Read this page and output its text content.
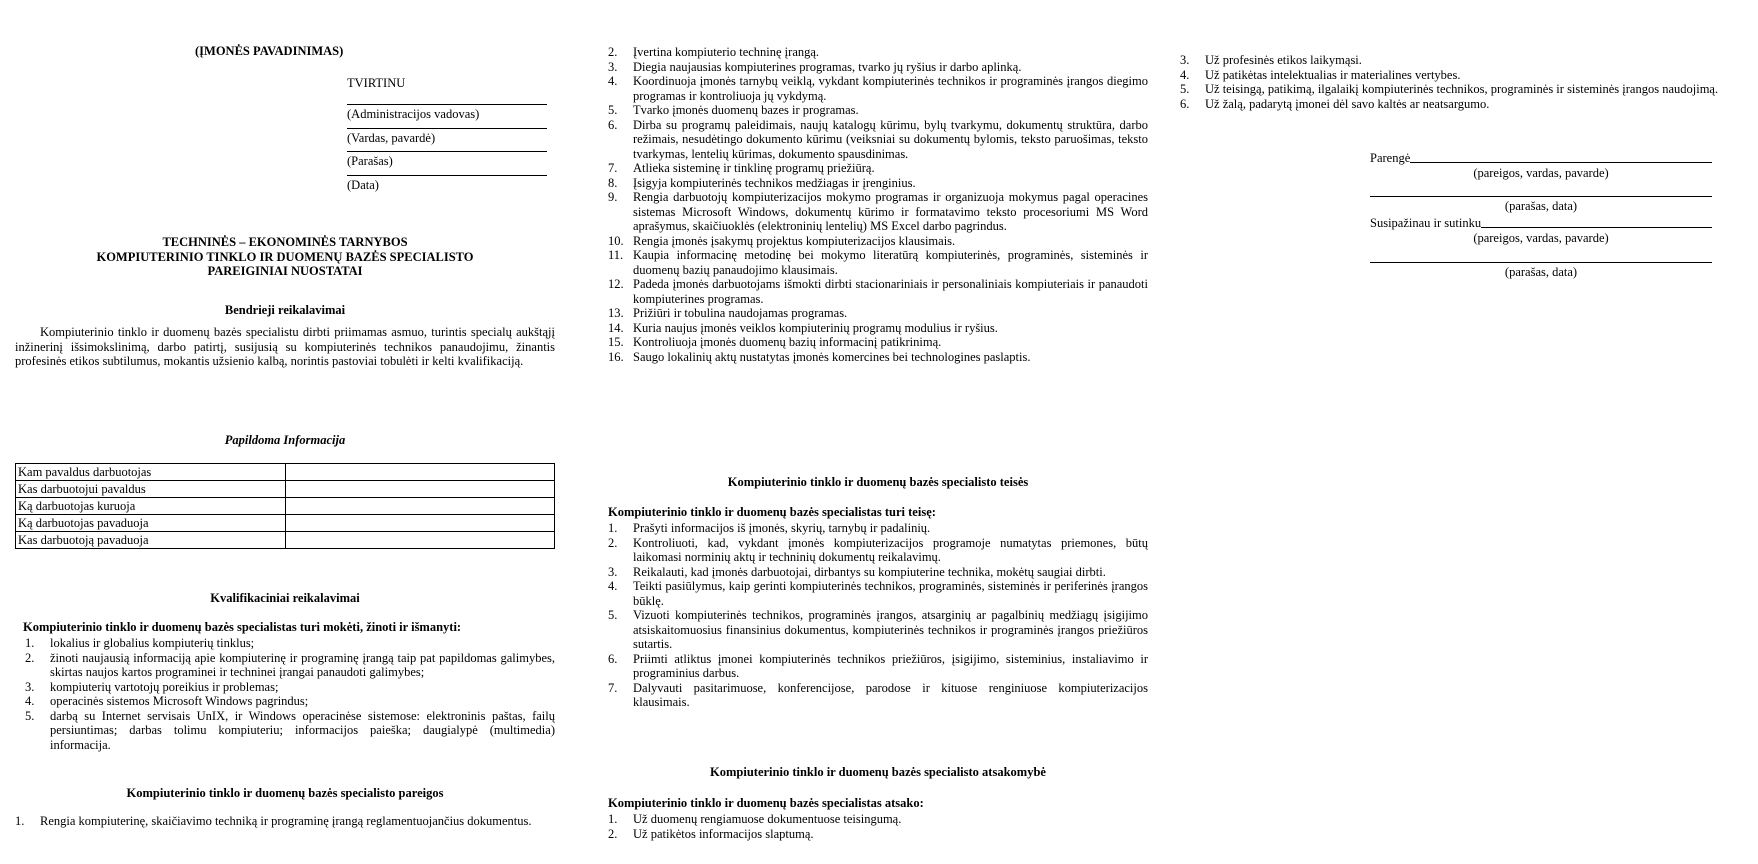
(ĮMONĖS PAVADINIMAS)
TVIRTINU
(Administracijos vadovas)
(Vardas, pavardė)
(Parašas)
(Data)
TECHNINĖS – EKONOMINĖS TARNYBOS
KOMPIUTERINIO TINKLO IR DUOMENŲ BAZĖS SPECIALISTO
PAREIGINIAI NUOSTATAI
Bendrieji reikalavimai
Kompiuterinio tinklo ir duomenų bazės specialistu dirbti priimamas asmuo, turintis specialų aukštąjį inžinerinį išsimokslinimą, darbo patirtį, susijusią su kompiuterinės technikos panaudojimu, žinantis profesinės etikos subtilumus, mokantis užsienio kalbą, norintis pastoviai tobulėti ir kelti kvalifikaciją.
Papildoma Informacija
Kam pavaldus darbuotojas	
Kas darbuotojui pavaldus	
Ką darbuotojas kuruoja	
Ką darbuotojas pavaduoja	
Kas darbuotoją pavaduoja	
Kvalifikaciniai reikalavimai
Kompiuterinio tinklo ir duomenų bazės specialistas turi mokėti, žinoti ir išmanyti:
1. lokalius ir globalius kompiuterių tinklus;
2. žinoti naujausią informaciją apie kompiuterinę ir programinę įrangą taip pat papildomas galimybes, skirtas naujos kartos programinei ir techninei įrangai panaudoti galimybes;
3. kompiuterių vartotojų poreikius ir problemas;
4. operacinės sistemos Microsoft Windows pagrindus;
5. darbą su Internet servisais UnIX, ir Windows operacinėse sistemose: elektroninis paštas, failų persiuntimas; darbas tolimu kompiuteriu; informacijos paieška; daugialypė (multimedia) informacija.
Kompiuterinio tinklo ir duomenų bazės specialisto pareigos
1. Rengia kompiuterinę, skaičiavimo techniką ir programinę įrangą reglamentuojančius dokumentus.
2. Įvertina kompiuterio techninę įrangą.
3. Diegia naujausias kompiuterines programas, tvarko jų ryšius ir darbo aplinką.
4. Koordinuoja įmonės tarnybų veiklą, vykdant kompiuterinės technikos ir programinės įrangos diegimo programas ir kontroliuoja jų vykdymą.
5. Tvarko įmonės duomenų bazes ir programas.
6. Dirba su programų paleidimais, naujų katalogų kūrimu, bylų tvarkymu, dokumentų struktūra, darbo režimais, nesudėtingo dokumento kūrimu (veiksniai su dokumentų bylomis, teksto paruošimas, teksto tvarkymas, lentelių kūrimas, dokumento spausdinimas.
7. Atlieka sisteminę ir tinklinę programų priežiūrą.
8. Įsigyja kompiuterinės technikos medžiagas ir įrenginius.
9. Rengia darbuotojų kompiuterizacijos mokymo programas ir organizuoja mokymus pagal operacines sistemas Microsoft Windows, dokumentų kūrimo ir formatavimo teksto procesoriumi MS Word aprašymus, skaičiuoklės (elektroninių lentelių) MS Excel darbo pagrindus.
10. Rengia įmonės įsakymų projektus kompiuterizacijos klausimais.
11. Kaupia informacinę metodinę bei mokymo literatūrą kompiuterinės, programinės, sisteminės ir duomenų bazių panaudojimo klausimais.
12. Padeda įmonės darbuotojams išmokti dirbti stacionariniais ir personaliniais kompiuteriais ir panaudoti kompiuterines programas.
13. Prižiūri ir tobulina naudojamas programas.
14. Kuria naujus įmonės veiklos kompiuterinių programų modulius ir ryšius.
15. Kontroliuoja įmonės duomenų bazių informacinį patikrinimą.
16. Saugo lokalinių aktų nustatytas įmonės komercines bei technologines paslaptis.
Kompiuterinio tinklo ir duomenų bazės specialisto teisės
Kompiuterinio tinklo ir duomenų bazės specialistas turi teisę:
1. Prašyti informacijos iš įmonės, skyrių, tarnybų ir padalinių.
2. Kontroliuoti, kad, vykdant įmonės kompiuterizacijos programoje numatytas priemones, būtų laikomasi norminių aktų ir techninių dokumentų reikalavimų.
3. Reikalauti, kad įmonės darbuotojai, dirbantys su kompiuterine technika, mokėtų saugiai dirbti.
4. Teikti pasiūlymus, kaip gerinti kompiuterinės technikos, programinės, sisteminės ir periferinės įrangos būklę.
5. Vizuoti kompiuterinės technikos, programinės įrangos, atsarginių ar pagalbinių medžiagų įsigijimo atsiskaitomuosius finansinius dokumentus, kompiuterinės technikos ir programinės įrangos priežiūros sutartis.
6. Priimti atliktus įmonei kompiuterinės technikos priežiūros, įsigijimo, sisteminius, instaliavimo ir programinius darbus.
7. Dalyvauti pasitarimuose, konferencijose, parodose ir kituose renginiuose kompiuterizacijos klausimais.
Kompiuterinio tinklo ir duomenų bazės specialisto atsakomybė
Kompiuterinio tinklo ir duomenų bazės specialistas atsako:
1. Už duomenų rengiamuose dokumentuose teisingumą.
2. Už patikėtos informacijos slaptumą.
3. Už profesinės etikos laikymąsi.
4. Už patikėtas intelektualias ir materialines vertybes.
5. Už teisingą, patikimą, ilgalaikį kompiuterinės technikos, programinės ir sisteminės įrangos naudojimą.
6. Už žalą, padarytą įmonei dėl savo kaltės ar neatsargumo.
Parengė
(pareigos, vardas, pavarde)
(parašas, data)
Susipažinau ir sutinku
(pareigos, vardas, pavarde)
(parašas, data)
